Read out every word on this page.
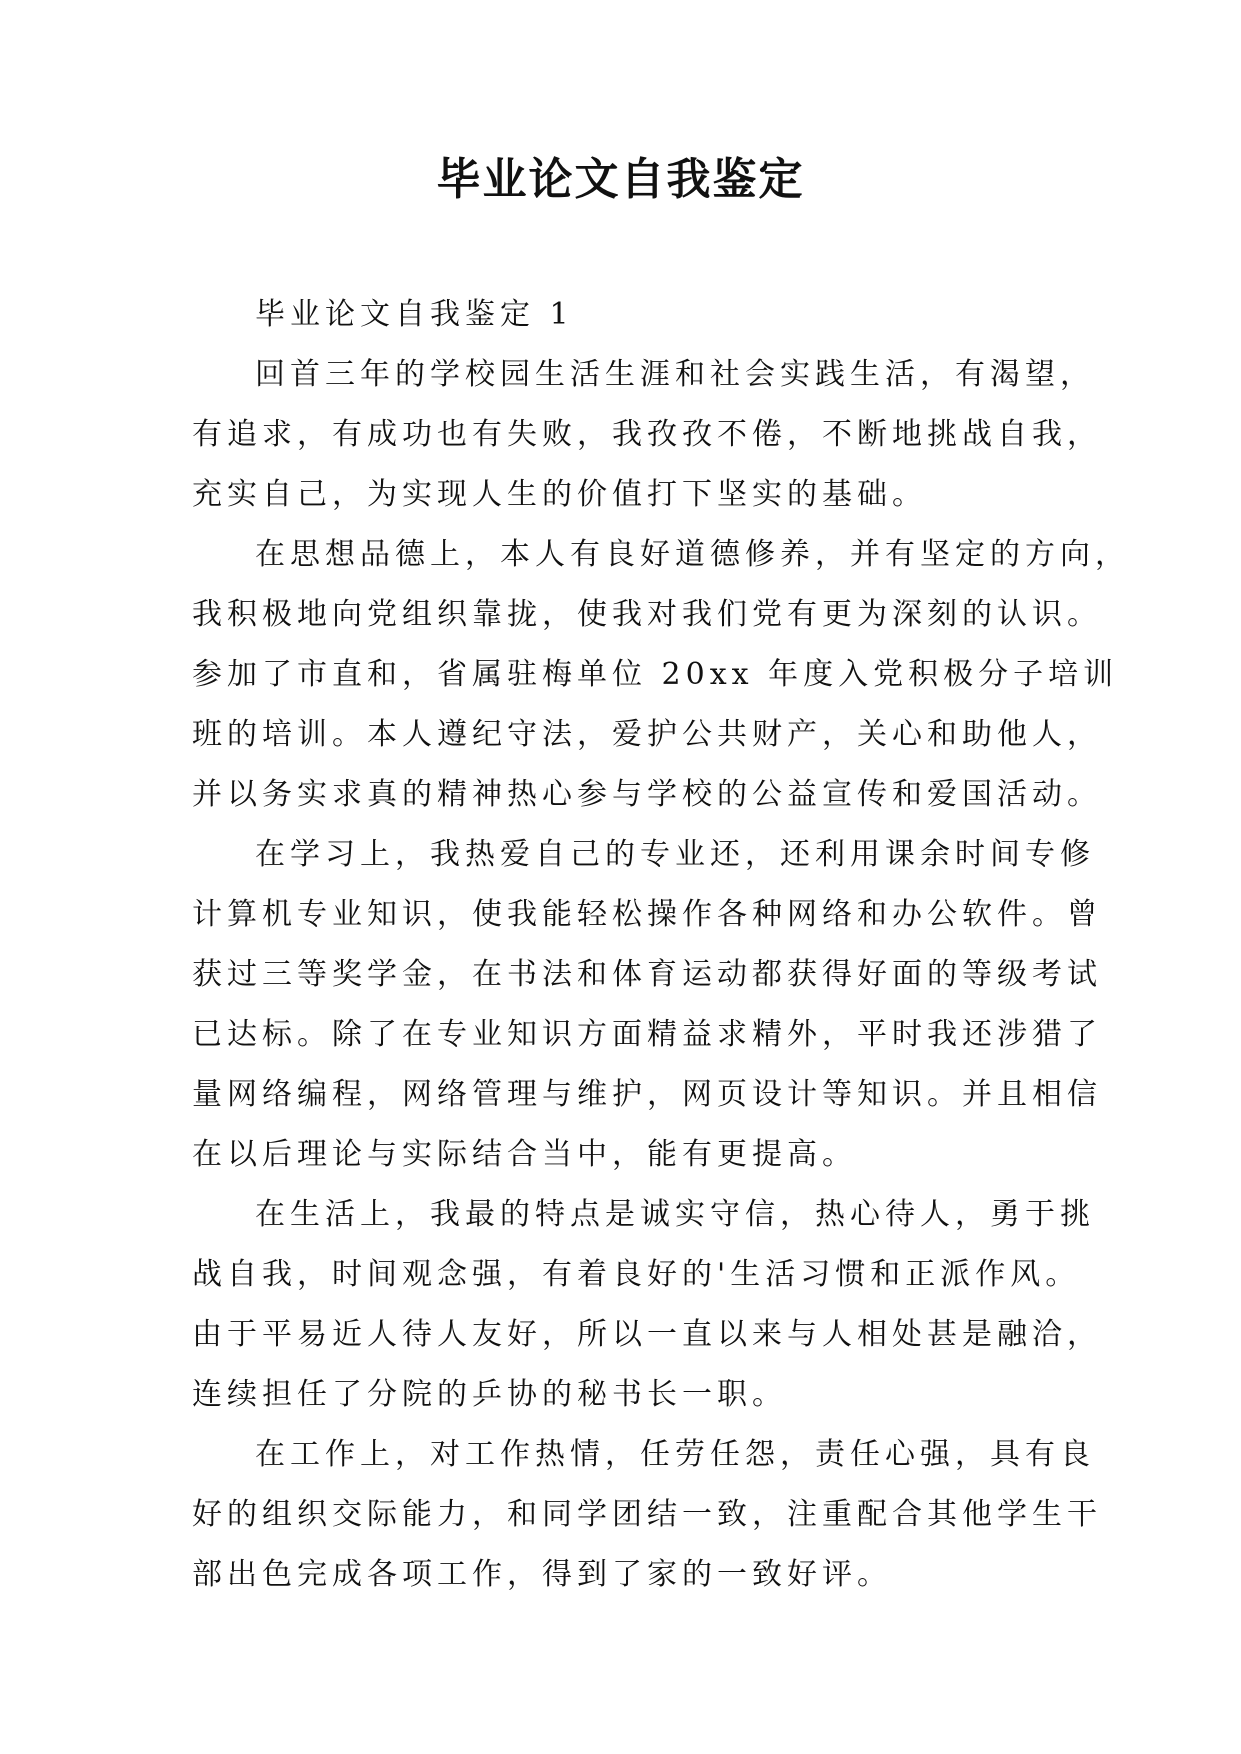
毕业论文自我鉴定
毕业论文自我鉴定 1
回首三年的学校园生活生涯和社会实践生活，有渴望，
有追求，有成功也有失败，我孜孜不倦，不断地挑战自我，
充实自己，为实现人生的价值打下坚实的基础。
在思想品德上，本人有良好道德修养，并有坚定的方向，
我积极地向党组织靠拢，使我对我们党有更为深刻的认识。
参加了市直和，省属驻梅单位 20xx 年度入党积极分子培训
班的培训。本人遵纪守法，爱护公共财产，关心和助他人，
并以务实求真的精神热心参与学校的公益宣传和爱国活动。
在学习上，我热爱自己的专业还，还利用课余时间专修
计算机专业知识，使我能轻松操作各种网络和办公软件。曾
获过三等奖学金，在书法和体育运动都获得好面的等级考试
已达标。除了在专业知识方面精益求精外，平时我还涉猎了
量网络编程，网络管理与维护，网页设计等知识。并且相信
在以后理论与实际结合当中，能有更提高。
在生活上，我最的特点是诚实守信，热心待人，勇于挑
战自我，时间观念强，有着良好的'生活习惯和正派作风。
由于平易近人待人友好，所以一直以来与人相处甚是融洽，
连续担任了分院的乒协的秘书长一职。
在工作上，对工作热情，任劳任怨，责任心强，具有良
好的组织交际能力，和同学团结一致，注重配合其他学生干
部出色完成各项工作，得到了家的一致好评。
